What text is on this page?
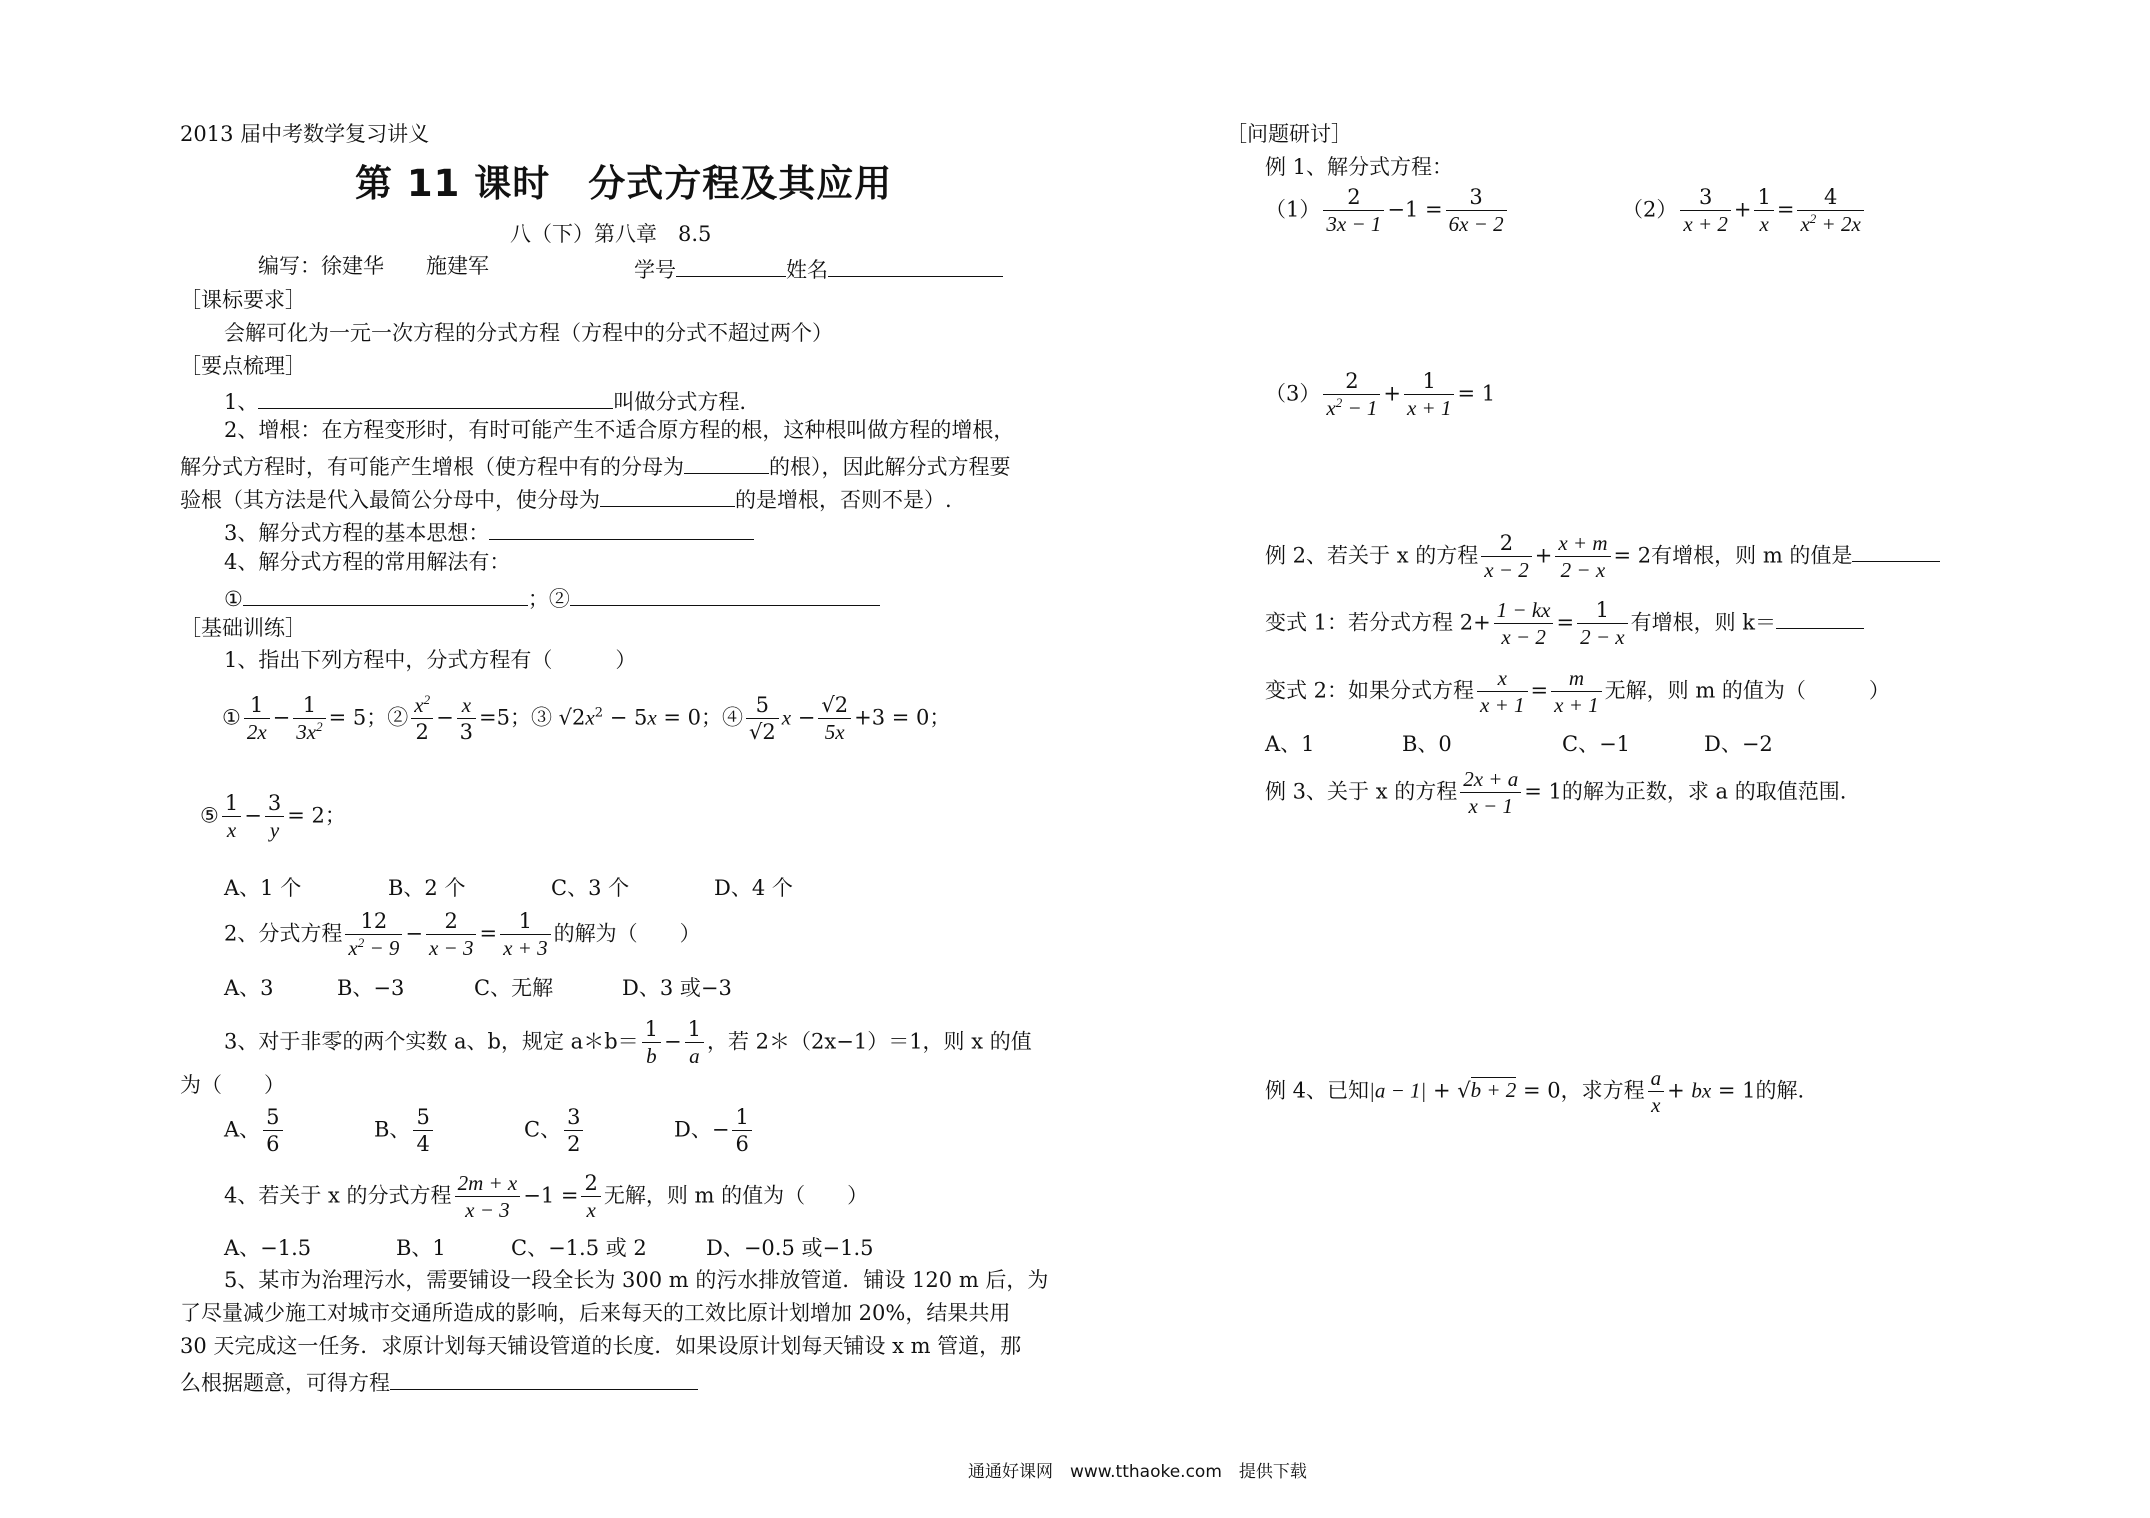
2013 届中考数学复习讲义
第 11 课时　分式方程及其应用
八（下）第八章　8.5
编写：徐建华　　施建军	学号	姓名
［课标要求］
会解可化为一元一次方程的分式方程（方程中的分式不超过两个）
［要点梳理］
1、	叫做分式方程.
2、增根：在方程变形时，有时可能产生不适合原方程的根，这种根叫做方程的增根，
解分式方程时，有可能产生增根（使方程中有的分母为	的根），因此解分式方程要
验根（其方法是代入最简公分母中，使分母为	的是增根，否则不是）.
3、解分式方程的基本思想：
4、解分式方程的常用解法有：
①	；②
［基础训练］
1、指出下列方程中，分式方程有（　　　）
① $\frac{1}{2x} - \frac{1}{3x^2} = 5$；② $\frac{x^2}{2} - \frac{x}{3} =5$；③ $√2x^2 - 5x = 0$；④ $\frac{5}{√2}$ $x - \frac{√2}{5x} +3 = 0$；
⑤ $\frac{1}{x} - \frac{3}{y} = 2$；
A、1 个	B、2 个	C、3 个	D、4 个
2、分式方程 $\frac{12}{x^2 - 9} - \frac{2}{x - 3} = \frac{1}{x + 3}$ 的解为（　　）
A、3	B、−3	C、无解	D、3 或−3
3、对于非零的两个实数 a、b，规定 a＊b＝ $\frac{1}{b} - \frac{1}{a}$ ，若 2＊（2x−1）＝1，则 x 的值
为（　　）
A、 $\frac{5}{6}$	B、 $\frac{5}{4}$	C、 $\frac{3}{2}$	D、− $\frac{1}{6}$
4、若关于 x 的分式方程 $\frac{2m + x}{x - 3} -1 = \frac{2}{x}$ 无解，则 m 的值为（　　）
A、−1.5	B、1	C、−1.5 或 2	D、−0.5 或−1.5
5、某市为治理污水，需要铺设一段全长为 300 m 的污水排放管道．铺设 120 m 后，为
了尽量减少施工对城市交通所造成的影响，后来每天的工效比原计划增加 20%，结果共用
30 天完成这一任务．求原计划每天铺设管道的长度．如果设原计划每天铺设 x m 管道，那
么根据题意，可得方程
［问题研讨］
例 1、解分式方程：
$(1) \frac{2}{3x - 1} -1 = \frac{3}{6x - 2}$	$(2) \frac{3}{x + 2} + \frac{1}{x} = \frac{4}{x^2 + 2x}$
$(3) \frac{2}{x^2 - 1} + \frac{1}{x + 1} = 1$
例 2、若关于 x 的方程 $\frac{2}{x - 2} + \frac{x + m}{2 - x} = 2$有增根，则 m 的值是
变式 1：若分式方程 $2+ \frac{1 - kx}{x - 2} = \frac{1}{2 - x}$ 有增根，则 k＝
变式 2：如果分式方程 $\frac{x}{x + 1} = \frac{m}{x + 1}$ 无解，则 m 的值为（　　　）
A、1	B、0	C、−1	D、−2
例 3、关于 x 的方程 $\frac{2x + a}{x - 1} = 1$的解为正数，求 a 的取值范围.
例 4、已知|a − 1| + √b + 2 = 0，求方程 $\frac{a}{x}$ + bx = 1的解.
通通好课网　www.tthaoke.com　提供下载
